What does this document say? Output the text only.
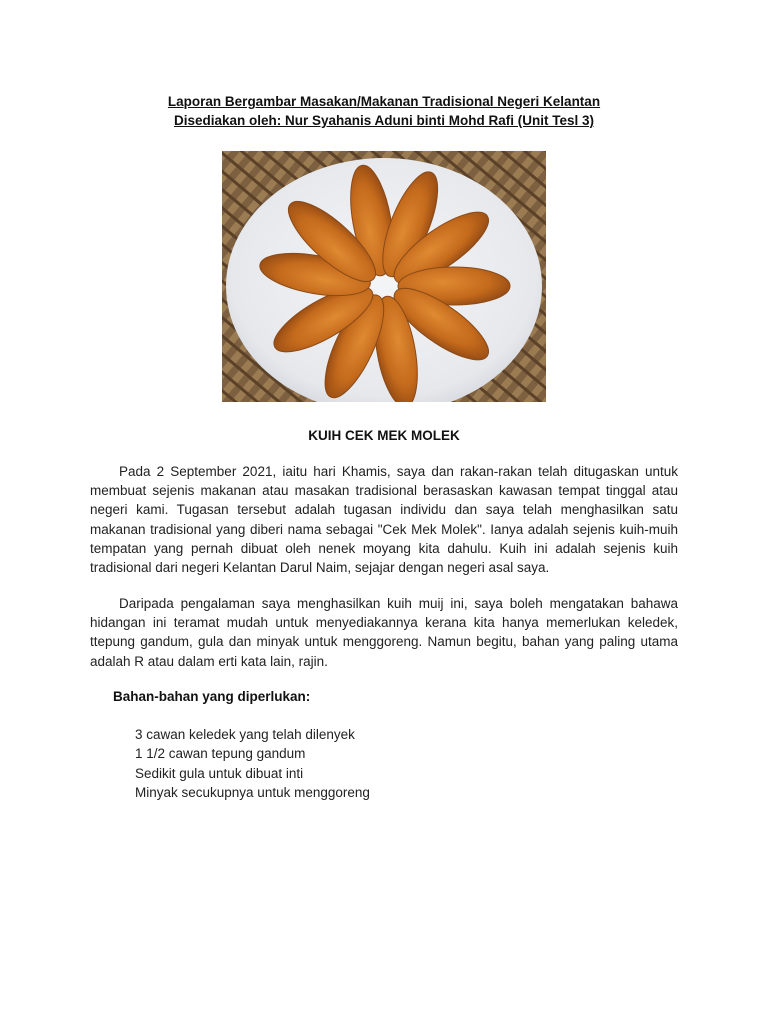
Laporan Bergambar Masakan/Makanan Tradisional Negeri Kelantan
Disediakan oleh: Nur Syahanis Aduni binti Mohd Rafi (Unit Tesl 3)
KUIH CEK MEK MOLEK

Pada 2 September 2021, iaitu hari Khamis, saya dan rakan-rakan telah ditugaskan untuk membuat sejenis makanan atau masakan tradisional berasaskan kawasan tempat tinggal atau negeri kami. Tugasan tersebut adalah tugasan individu dan saya telah menghasilkan satu makanan tradisional yang diberi nama sebagai "Cek Mek Molek". Ianya adalah sejenis kuih-muih tempatan yang pernah dibuat oleh nenek moyang kita dahulu. Kuih ini adalah sejenis kuih tradisional dari negeri Kelantan Darul Naim, sejajar dengan negeri asal saya.

Daripada pengalaman saya menghasilkan kuih muij ini, saya boleh mengatakan bahawa hidangan ini teramat mudah untuk menyediakannya kerana kita hanya memerlukan keledek, ttepung gandum, gula dan minyak untuk menggoreng. Namun begitu, bahan yang paling utama adalah R atau dalam erti kata lain, rajin.

Bahan-bahan yang diperlukan:
3 cawan keledek yang telah dilenyek
1 1/2 cawan tepung gandum
Sedikit gula untuk dibuat inti
Minyak secukupnya untuk menggoreng
